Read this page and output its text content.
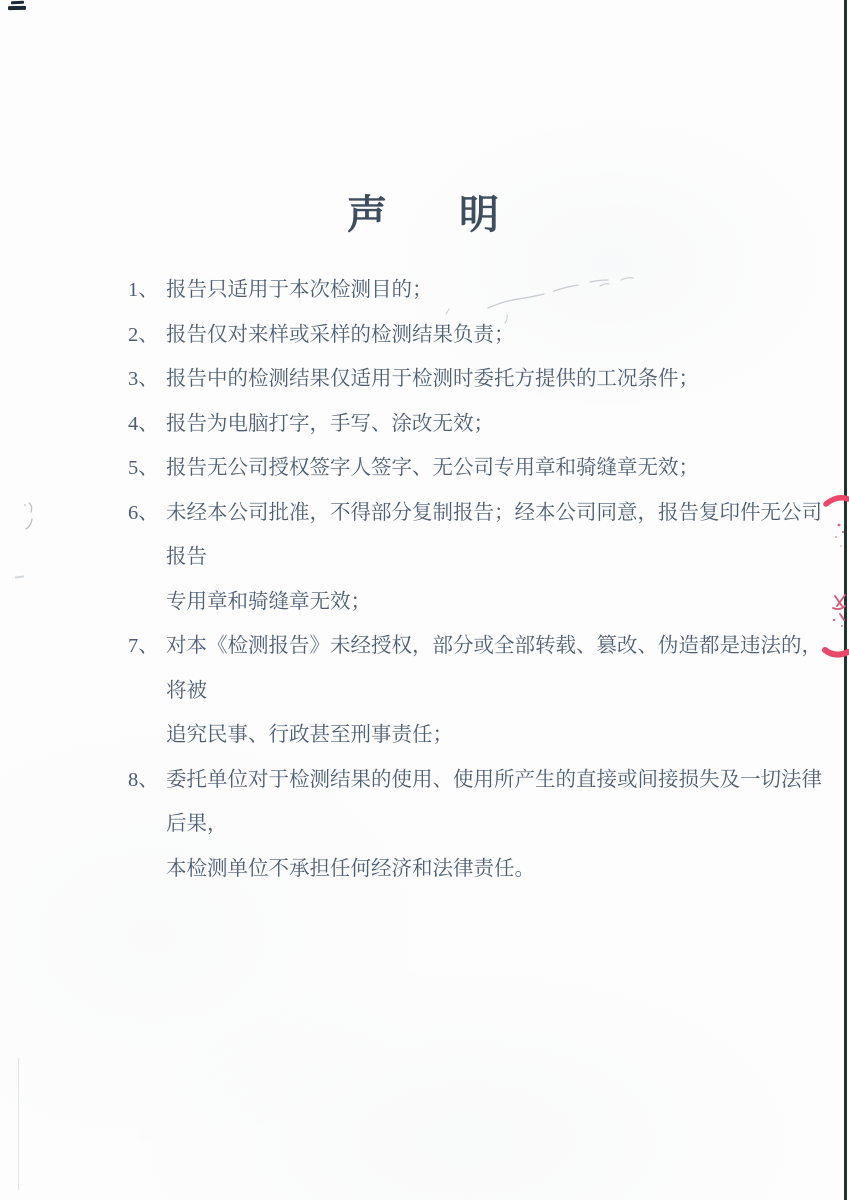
声 明
1、 报告只适用于本次检测目的；
2、 报告仅对来样或采样的检测结果负责；
3、 报告中的检测结果仅适用于检测时委托方提供的工况条件；
4、 报告为电脑打字，手写、涂改无效；
5、 报告无公司授权签字人签字、无公司专用章和骑缝章无效；
6、 未经本公司批准，不得部分复制报告；经本公司同意，报告复印件无公司报告
专用章和骑缝章无效；
7、 对本《检测报告》未经授权，部分或全部转载、篡改、伪造都是违法的，将被
追究民事、行政甚至刑事责任；
8、 委托单位对于检测结果的使用、使用所产生的直接或间接损失及一切法律后果，
本检测单位不承担任何经济和法律责任。
